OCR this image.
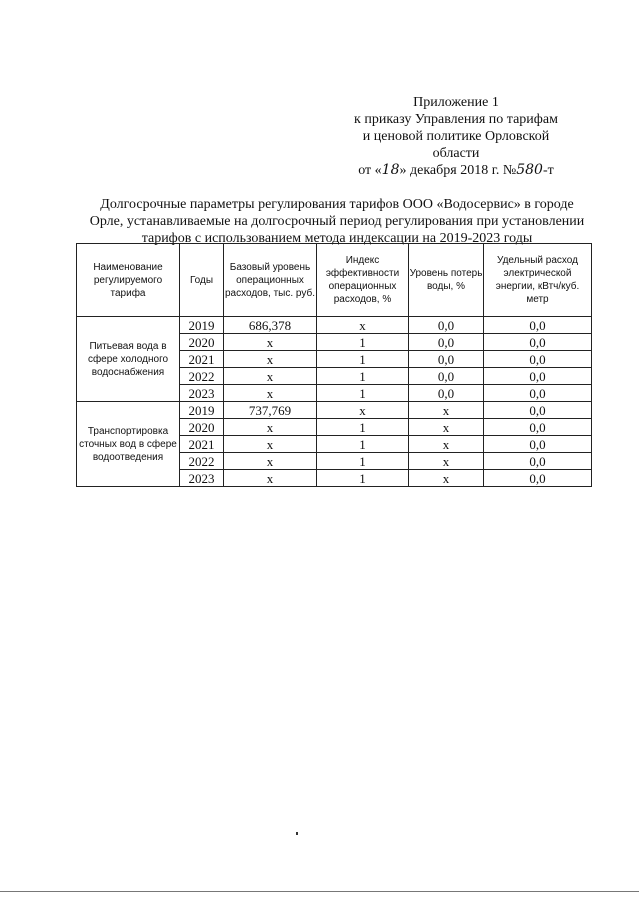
Приложение 1
к приказу Управления по тарифам
и ценовой политике Орловской
области
от «18» декабря 2018 г. №580-т
Долгосрочные параметры регулирования тарифов ООО «Водосервис» в городе
Орле, устанавливаемые на долгосрочный период регулирования при установлении
тарифов с использованием метода индексации на 2019-2023 годы
Наименование регулируемого тарифа	Годы	Базовый уровень операционных расходов, тыс. руб.	Индекс эффективности операционных расходов, %	Уровень потерь воды, %	Удельный расход электрической энергии, кВтч/куб. метр
Питьевая вода в сфере холодного водоснабжения	2019	686,378	х	0,0	0,0
	2020	х	1	0,0	0,0
	2021	х	1	0,0	0,0
	2022	х	1	0,0	0,0
	2023	х	1	0,0	0,0
Транспортировка сточных вод в сфере водоотведения	2019	737,769	х	х	0,0
	2020	х	1	х	0,0
	2021	х	1	х	0,0
	2022	х	1	х	0,0
	2023	х	1	х	0,0
